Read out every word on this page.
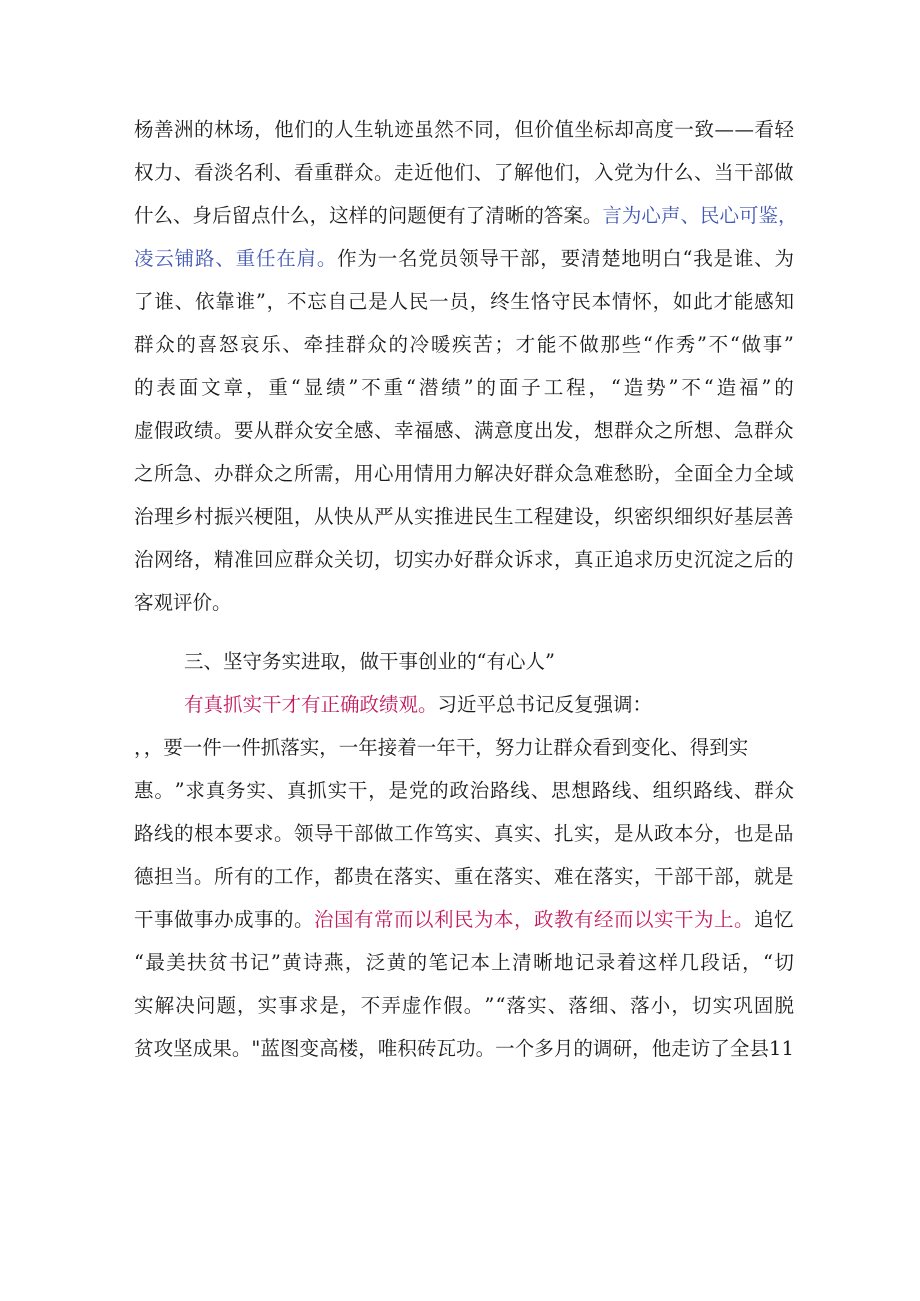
杨 善 洲 的 林 场 ， 他 们 的 人 生 轨 迹 虽 然 不 同 ， 但 价 值 坐 标 却 高 度 一 致 — — 看 轻
权 力 、 看 淡 名 利 、 看 重 群 众 。 走 近 他 们 、 了 解 他 们 ， 入 党 为 什 么 、 当 干 部 做
什 么 、 身 后 留 点 什 么 ， 这 样 的 问 题 便 有 了 清 晰 的 答 案 。 言 为 心 声 、 民 心 可 鉴 ，
凌 云 铺 路 、 重 任 在 肩 。 作 为 一 名 党 员 领 导 干 部 ， 要 清 楚 地 明 白 “ 我 是 谁 、 为
了 谁 、 依 靠 谁 ” ， 不 忘 自 己 是 人 民 一 员 ， 终 生 恪 守 民 本 情 怀 ， 如 此 才 能 感 知
群 众 的 喜 怒 哀 乐 、 牵 挂 群 众 的 冷 暖 疾 苦 ； 才 能 不 做 那 些 “ 作 秀 ” 不 “ 做 事 ”
的 表 面 文 章 ， 重 “ 显 绩 ” 不 重 “ 潜 绩 ” 的 面 子 工 程 ， “ 造 势 ” 不 “ 造 福 ” 的
虚 假 政 绩 。 要 从 群 众 安 全 感 、 幸 福 感 、 满 意 度 出 发 ， 想 群 众 之 所 想 、 急 群 众
之 所 急 、 办 群 众 之 所 需 ， 用 心 用 情 用 力 解 决 好 群 众 急 难 愁 盼 ， 全 面 全 力 全 域
治 理 乡 村 振 兴 梗 阻 ， 从 快 从 严 从 实 推 进 民 生 工 程 建 设 ， 织 密 织 细 织 好 基 层 善
治 网 络 ， 精 准 回 应 群 众 关 切 ， 切 实 办 好 群 众 诉 求 ， 真 正 追 求 历 史 沉 淀 之 后 的
客观评价。
三、坚守务实进取，做干事创业的“有心人”
有真抓实干才有正确政绩观。 习近平总书记反复强调：
，，要一件一件抓落实，一年接着一年干，努力让群众看到变化、得到实
惠 。 ” 求 真 务 实 、 真 抓 实 干 ， 是 党 的 政 治 路 线 、 思 想 路 线 、 组 织 路 线 、 群 众
路 线 的 根 本 要 求 。 领 导 干 部 做 工 作 笃 实 、 真 实 、 扎 实 ， 是 从 政 本 分 ， 也 是 品
德 担 当 。 所 有 的 工 作 ， 都 贵 在 落 实 、 重 在 落 实 、 难 在 落 实 ， 干 部 干 部 ， 就 是
干 事 做 事 办 成 事 的 。 治 国 有 常 而 以 利 民 为 本 ， 政 教 有 经 而 以 实 干 为 上 。 追 忆
“ 最 美 扶 贫 书 记 ” 黄 诗 燕 ， 泛 黄 的 笔 记 本 上 清 晰 地 记 录 着 这 样 几 段 话 ， “ 切
实 解 决 问 题 ， 实 事 求 是 ， 不 弄 虚 作 假 。 ” “ 落 实 、 落 细 、 落 小 ， 切 实 巩 固 脱
贫 攻 坚 成 果 。 " 蓝 图 变 高 楼 ， 唯 积 砖 瓦 功 。 一 个 多 月 的 调 研 ， 他 走 访 了 全 县 11
